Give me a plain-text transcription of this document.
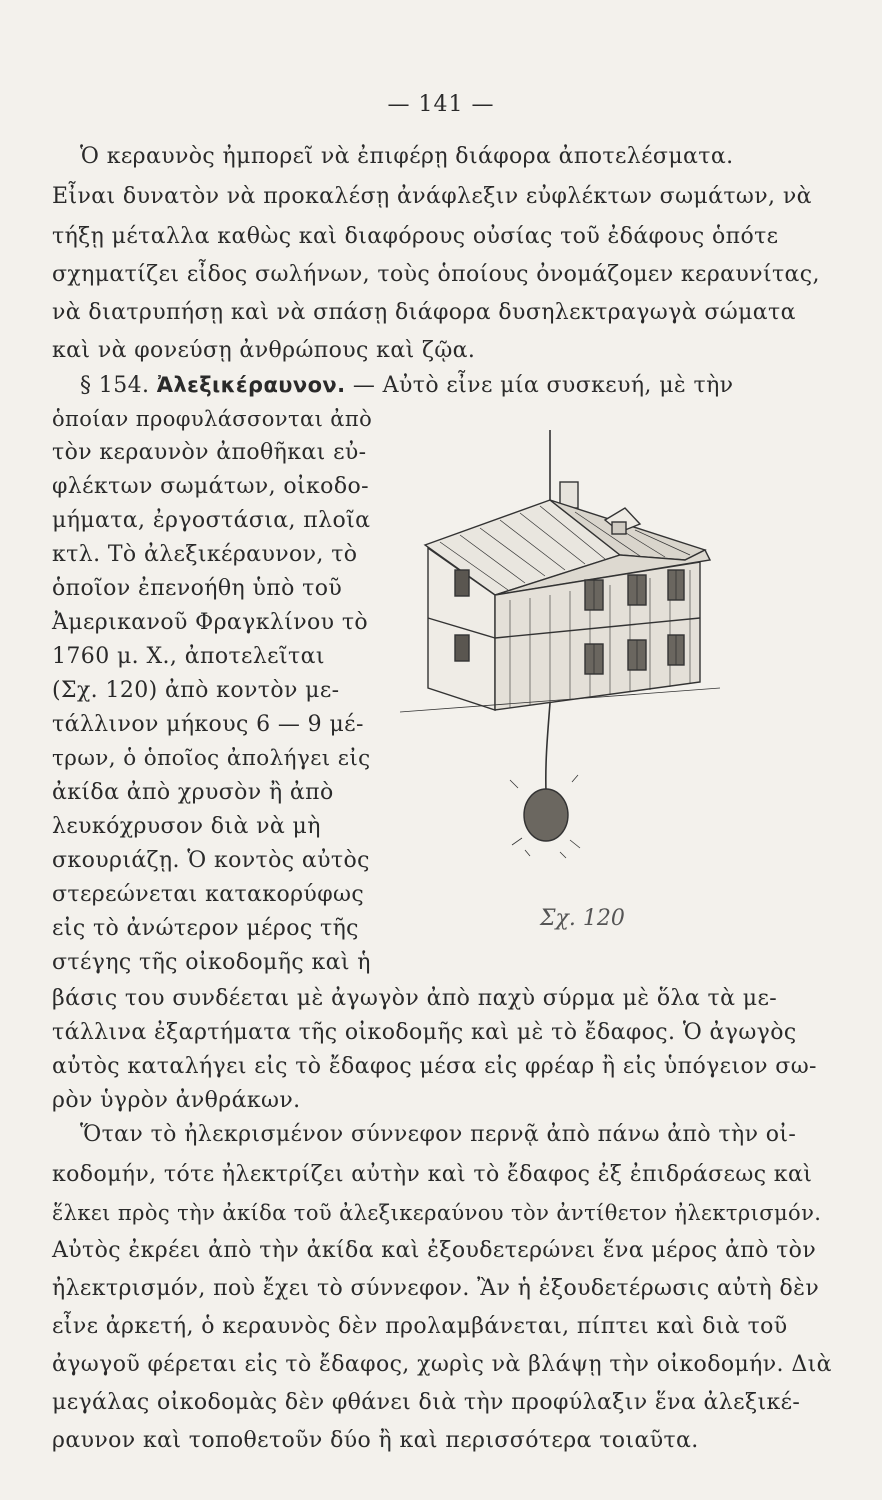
— 141 —
Ὁ κεραυνὸς ἠμπορεῖ νὰ ἐπιφέρῃ διάφορα ἀποτελέσματα.
Εἶναι δυνατὸν νὰ προκαλέσῃ ἀνάφλεξιν εὐφλέκτων σωμάτων, νὰ
τήξῃ μέταλλα καθὼς καὶ διαφόρους οὐσίας τοῦ ἐδάφους ὁπότε
σχηματίζει εἶδος σωλήνων, τοὺς ὁποίους ὀνομάζομεν κεραυνίτας,
νὰ διατρυπήσῃ καὶ νὰ σπάσῃ διάφορα δυσηλεκτραγωγὰ σώματα
καὶ νὰ φονεύσῃ ἀνθρώπους καὶ ζῷα.
§ 154. Ἀλεξικέραυνον. — Αὐτὸ εἶνε μία συσκευή, μὲ τὴν
ὁποίαν προφυλάσσονται ἀπὸ
τὸν κεραυνὸν ἀποθῆκαι εὐ-
φλέκτων σωμάτων, οἰκοδο-
μήματα, ἐργοστάσια, πλοῖα
κτλ. Τὸ ἀλεξικέραυνον, τὸ
ὁποῖον ἐπενοήθη ὑπὸ τοῦ
Ἀμερικανοῦ Φραγκλίνου τὸ
1760 μ. Χ., ἀποτελεῖται
(Σχ. 120) ἀπὸ κοντὸν με-
τάλλινον μήκους 6 — 9 μέ-
τρων, ὁ ὁποῖος ἀπολήγει εἰς
ἀκίδα ἀπὸ χρυσὸν ἢ ἀπὸ
λευκόχρυσον διὰ νὰ μὴ
σκουριάζῃ. Ὁ κοντὸς αὐτὸς
στερεώνεται κατακορύφως
εἰς τὸ ἀνώτερον μέρος τῆς
στέγης τῆς οἰκοδομῆς καὶ ἡ
Σχ. 120
βάσις του συνδέεται μὲ ἀγωγὸν ἀπὸ παχὺ σύρμα μὲ ὅλα τὰ με-
τάλλινα ἐξαρτήματα τῆς οἰκοδομῆς καὶ μὲ τὸ ἔδαφος. Ὁ ἀγωγὸς
αὐτὸς καταλήγει εἰς τὸ ἔδαφος μέσα εἰς φρέαρ ἢ εἰς ὑπόγειον σω-
ρὸν ὑγρὸν ἀνθράκων.
Ὅταν τὸ ἠλεκρισμένον σύννεφον περνᾷ ἀπὸ πάνω ἀπὸ τὴν οἰ-
κοδομήν, τότε ἠλεκτρίζει αὐτὴν καὶ τὸ ἔδαφος ἐξ ἐπιδράσεως καὶ
ἕλκει πρὸς τὴν ἀκίδα τοῦ ἀλεξικεραύνου τὸν ἀντίθετον ἠλεκτρισμόν.
Αὐτὸς ἐκρέει ἀπὸ τὴν ἀκίδα καὶ ἐξουδετερώνει ἕνα μέρος ἀπὸ τὸν
ἠλεκτρισμόν, ποὺ ἔχει τὸ σύννεφον. Ἂν ἡ ἐξουδετέρωσις αὐτὴ δὲν
εἶνε ἀρκετή, ὁ κεραυνὸς δὲν προλαμβάνεται, πίπτει καὶ διὰ τοῦ
ἀγωγοῦ φέρεται εἰς τὸ ἔδαφος, χωρὶς νὰ βλάψῃ τὴν οἰκοδομήν. Διὰ
μεγάλας οἰκοδομὰς δὲν φθάνει διὰ τὴν προφύλαξιν ἕνα ἀλεξικέ-
ραυνον καὶ τοποθετοῦν δύο ἢ καὶ περισσότερα τοιαῦτα.
